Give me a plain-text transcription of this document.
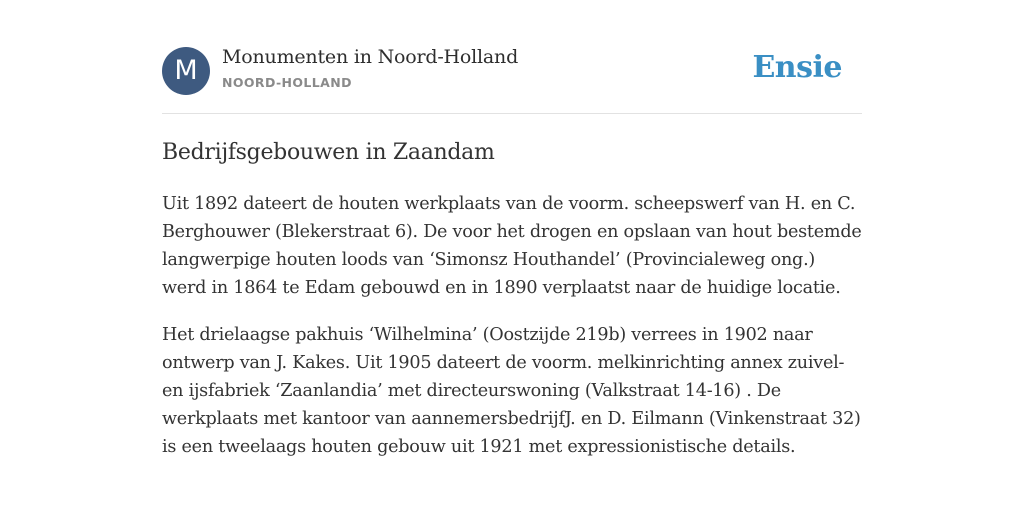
M	Monumenten in Noord-Holland
NOORD-HOLLAND	Ensie
Bedrijfsgebouwen in Zaandam

Uit 1892 dateert de houten werkplaats van de voorm. scheepswerf van H. en C. Berghouwer (Blekerstraat 6). De voor het drogen en opslaan van hout bestemde langwerpige houten loods van ‘Simonsz Houthandel’ (Provincialeweg ong.) werd in 1864 te Edam gebouwd en in 1890 verplaatst naar de huidige locatie.

Het drielaagse pakhuis ‘Wilhelmina’ (Oostzijde 219b) verrees in 1902 naar ontwerp van J. Kakes. Uit 1905 dateert de voorm. melkinrichting annex zuivel- en ijsfabriek ‘Zaanlandia’ met directeurswoning (Valkstraat 14-16) . De werkplaats met kantoor van aannemersbedrijfJ. en D. Eilmann (Vinkenstraat 32) is een tweelaags houten gebouw uit 1921 met expressionistische details.
